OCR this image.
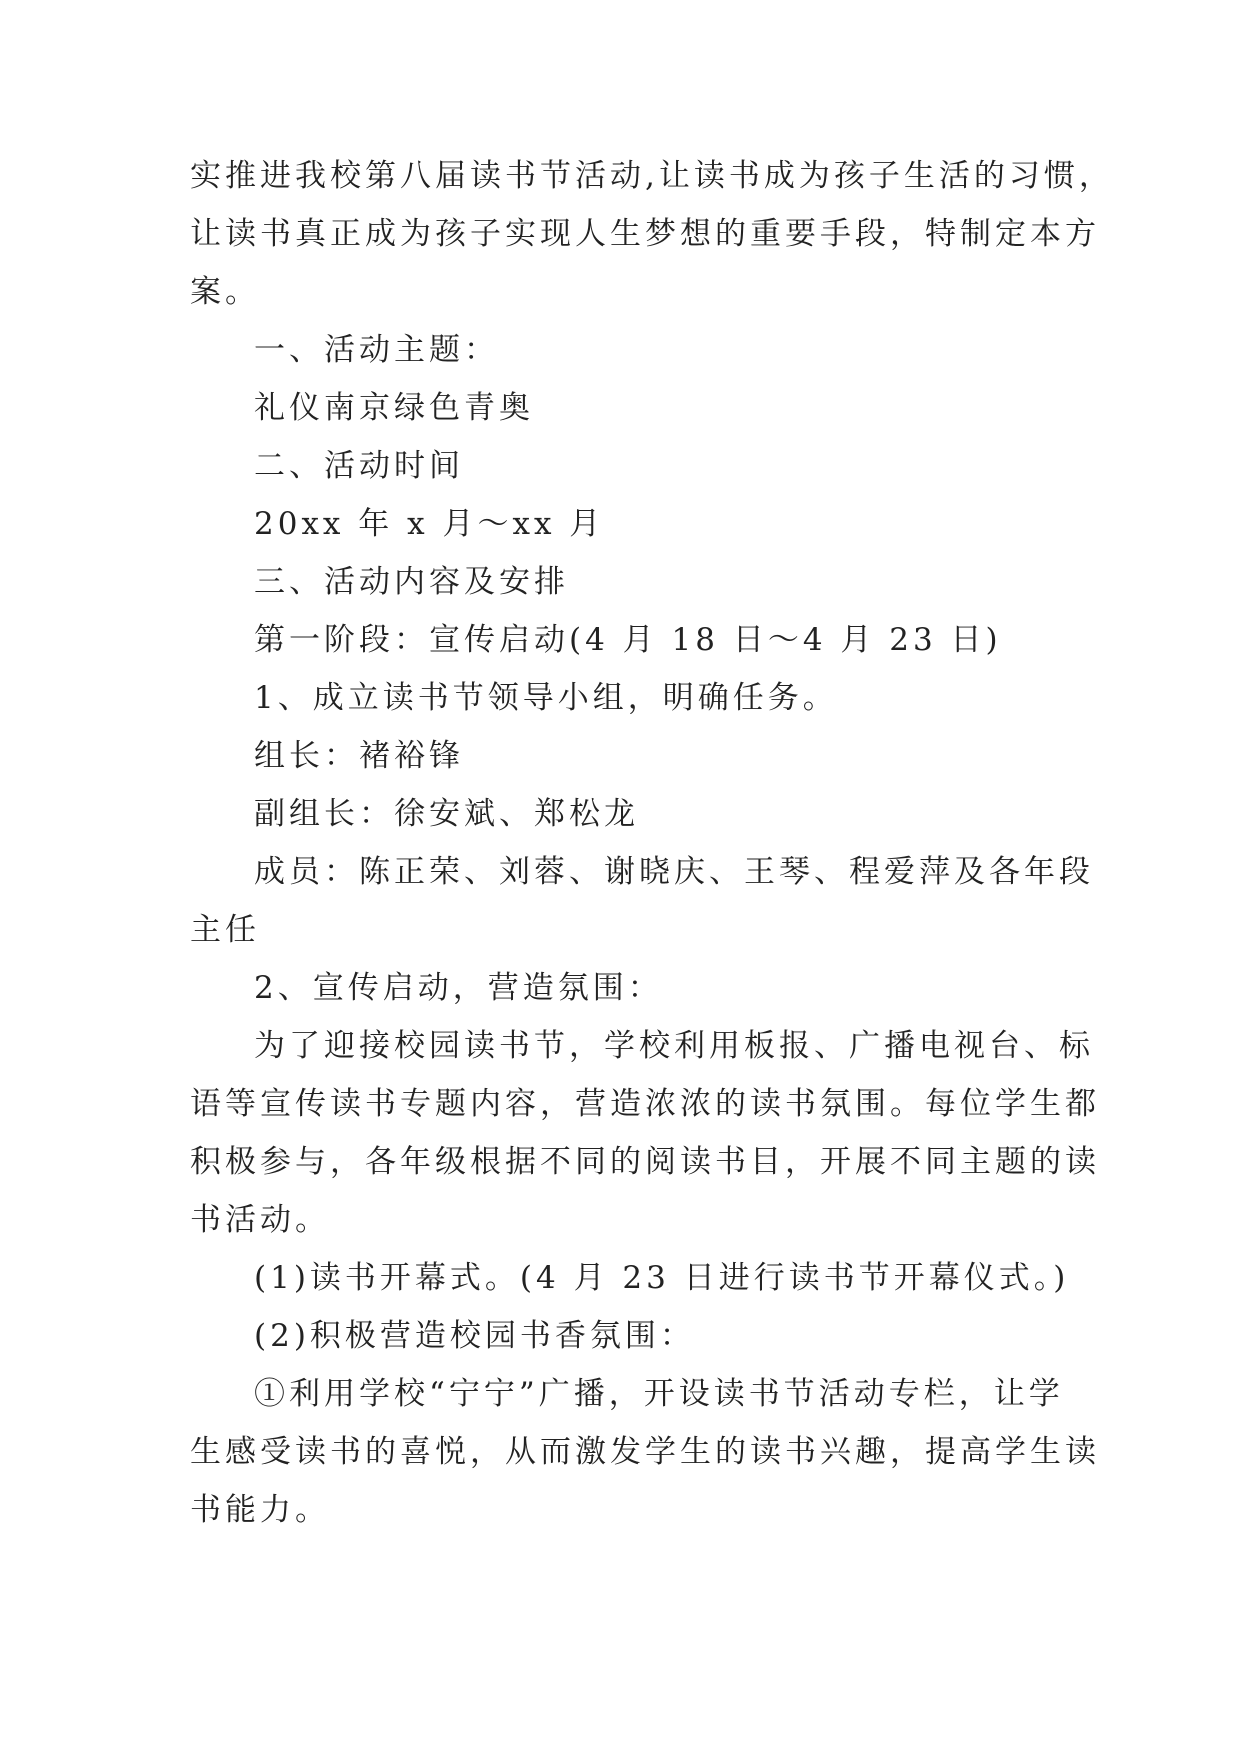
实推进我校第八届读书节活动,让读书成为孩子生活的习惯，
让读书真正成为孩子实现人生梦想的重要手段，特制定本方
案。
一、活动主题：
礼仪南京绿色青奥
二、活动时间
20xx 年 x 月～xx 月
三、活动内容及安排
第一阶段：宣传启动(4 月 18 日～4 月 23 日)
1、成立读书节领导小组，明确任务。
组长：褚裕锋
副组长：徐安斌、郑松龙
成员：陈正荣、刘蓉、谢晓庆、王琴、程爱萍及各年段
主任
2、宣传启动，营造氛围：
为了迎接校园读书节，学校利用板报、广播电视台、标
语等宣传读书专题内容，营造浓浓的读书氛围。每位学生都
积极参与，各年级根据不同的阅读书目，开展不同主题的读
书活动。
(1)读书开幕式。(4 月 23 日进行读书节开幕仪式。)
(2)积极营造校园书香氛围：
①利用学校“宁宁”广播，开设读书节活动专栏，让学
生感受读书的喜悦，从而激发学生的读书兴趣，提高学生读
书能力。
